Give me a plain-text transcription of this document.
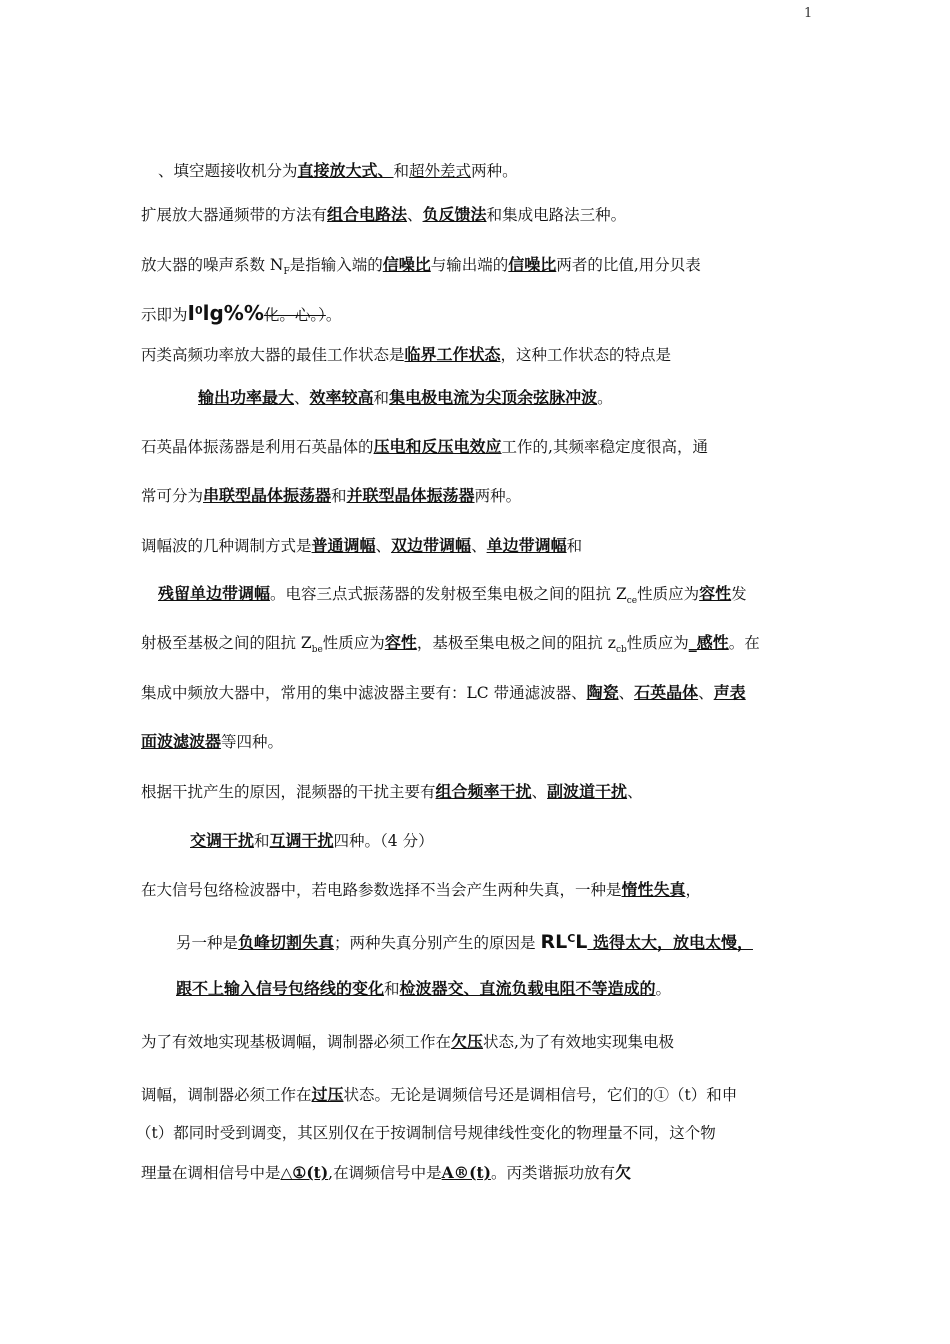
1
、填空题接收机分为直接放大式、和超外差式两种。
扩展放大器通频带的方法有组合电路法、负反馈法和集成电路法三种。
放大器的噪声系数 $N_F$是指输入端的信噪比与输出端的信噪比两者的比值,用分贝表
示即为$I^0\lg\%\%$化。心。）。
丙类高频功率放大器的最佳工作状态是临界工作状态，这种工作状态的特点是
输出功率最大、效率较高和集电极电流为尖顶余弦脉冲波。
石英晶体振荡器是利用石英晶体的压电和反压电效应工作的,其频率稳定度很高，通
常可分为串联型晶体振荡器和并联型晶体振荡器两种。
调幅波的几种调制方式是普通调幅、双边带调幅、单边带调幅和
残留单边带调幅。电容三点式振荡器的发射极至集电极之间的阻抗 $Z_{ce}$性质应为容性发
射极至基极之间的阻抗 $Z_{be}$性质应为容性，基极至集电极之间的阻抗 $z_{cb}$性质应为_感性。在
集成中频放大器中，常用的集中滤波器主要有：LC 带通滤波器、陶瓷、石英晶体、声表
面波滤波器等四种。
根据干扰产生的原因，混频器的干扰主要有组合频率干扰、副波道干扰、
交调干扰和互调干扰四种。（4 分）
在大信号包络检波器中，若电路参数选择不当会产生两种失真，一种是惰性失真，
另一种是负峰切割失真；两种失真分别产生的原因是 $RL^CL$ 选得太大，放电太慢，
跟不上输入信号包络线的变化和检波器交、直流负载电阻不等造成的。
为了有效地实现基极调幅，调制器必须工作在欠压状态,为了有效地实现集电极
调幅，调制器必须工作在过压状态。无论是调频信号还是调相信号，它们的①（t）和申
（t）都同时受到调变，其区别仅在于按调制信号规律线性变化的物理量不同，这个物
理量在调相信号中是△①(t),在调频信号中是A®(t)。丙类谐振功放有欠
